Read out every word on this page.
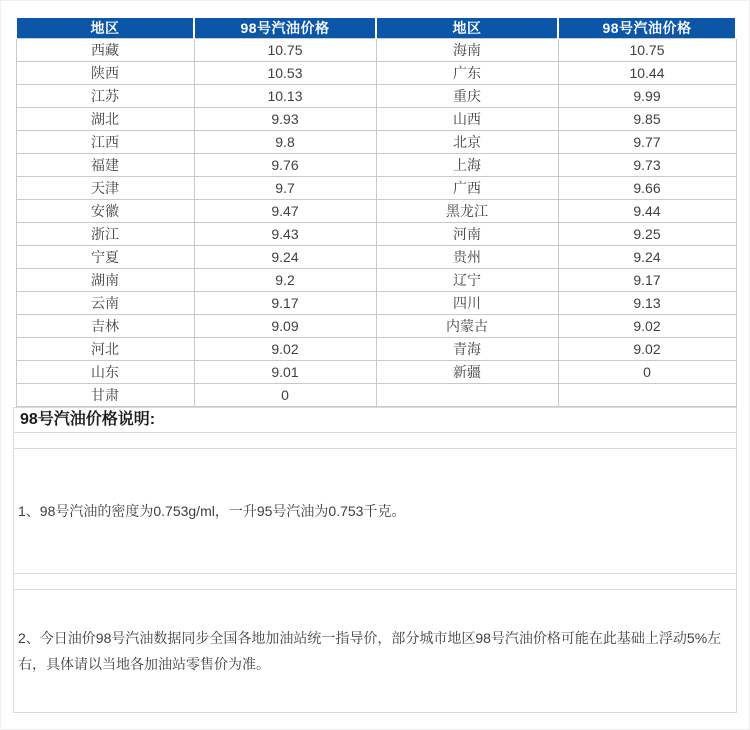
地区	98号汽油价格	地区	98号汽油价格
西藏	10.75	海南	10.75
陕西	10.53	广东	10.44
江苏	10.13	重庆	9.99
湖北	9.93	山西	9.85
江西	9.8	北京	9.77
福建	9.76	上海	9.73
天津	9.7	广西	9.66
安徽	9.47	黑龙江	9.44
浙江	9.43	河南	9.25
宁夏	9.24	贵州	9.24
湖南	9.2	辽宁	9.17
云南	9.17	四川	9.13
吉林	9.09	内蒙古	9.02
河北	9.02	青海	9.02
山东	9.01	新疆	0
甘肃	0		
98号汽油价格说明:
1、98号汽油的密度为0.753g/ml，一升95号汽油为0.753千克。
2、今日油价98号汽油数据同步全国各地加油站统一指导价，部分城市地区98号汽油价格可能在此基础上浮动5%左右，具体请以当地各加油站零售价为准。
